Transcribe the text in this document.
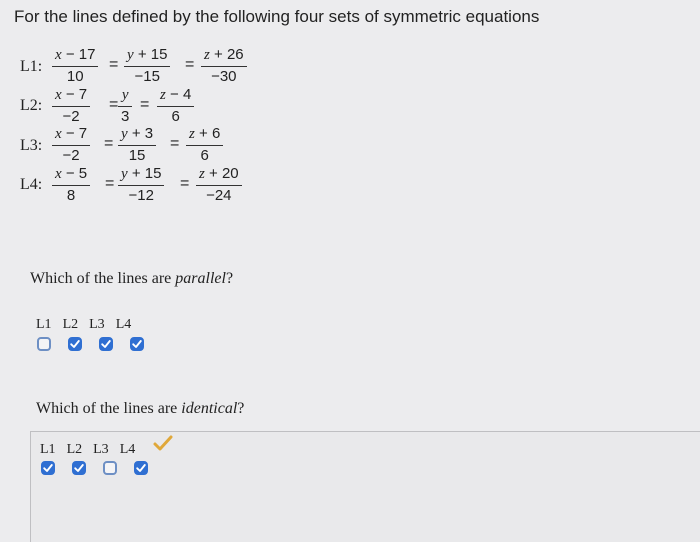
For the lines defined by the following four sets of symmetric equations
L1:
L2:
L3:
L4:
x − 17
10
=
y + 15
−15
=
z + 26
−30
x − 7
−2
=
y
3
=
z − 4
6
x − 7
−2
=
y + 3
15
=
z + 6
6
x − 5
8
=
y + 15
−12
=
z + 20
−24
Which of the lines are parallel?
L1 L2 L3 L4
Which of the lines are identical?
L1 L2 L3 L4
